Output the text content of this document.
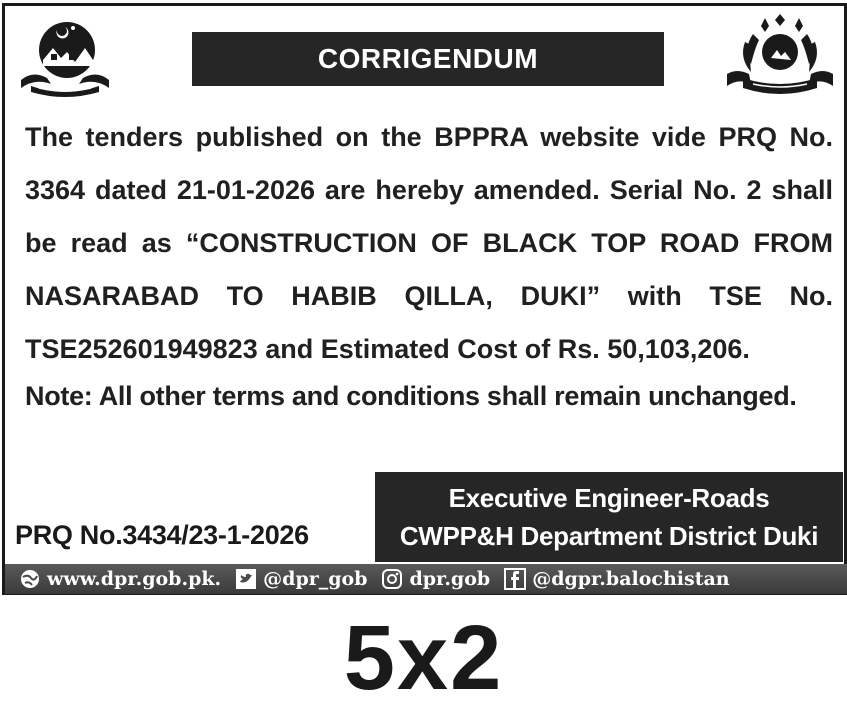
CORRIGENDUM

The tenders published on the BPPRA website vide PRQ No. 3364 dated 21-01-2026 are hereby amended. Serial No. 2 shall be read as “CONSTRUCTION OF BLACK TOP ROAD FROM NASARABAD TO HABIB QILLA, DUKI” with TSE No. TSE252601949823 and Estimated Cost of Rs. 50,103,206.

Note: All other terms and conditions shall remain unchanged.

PRQ No.3434/23-1-2026
Executive Engineer-Roads
CWPP&H Department District Duki
www.dpr.gob.pk. @dpr_gob dpr.gob @dgpr.balochistan
5x2
